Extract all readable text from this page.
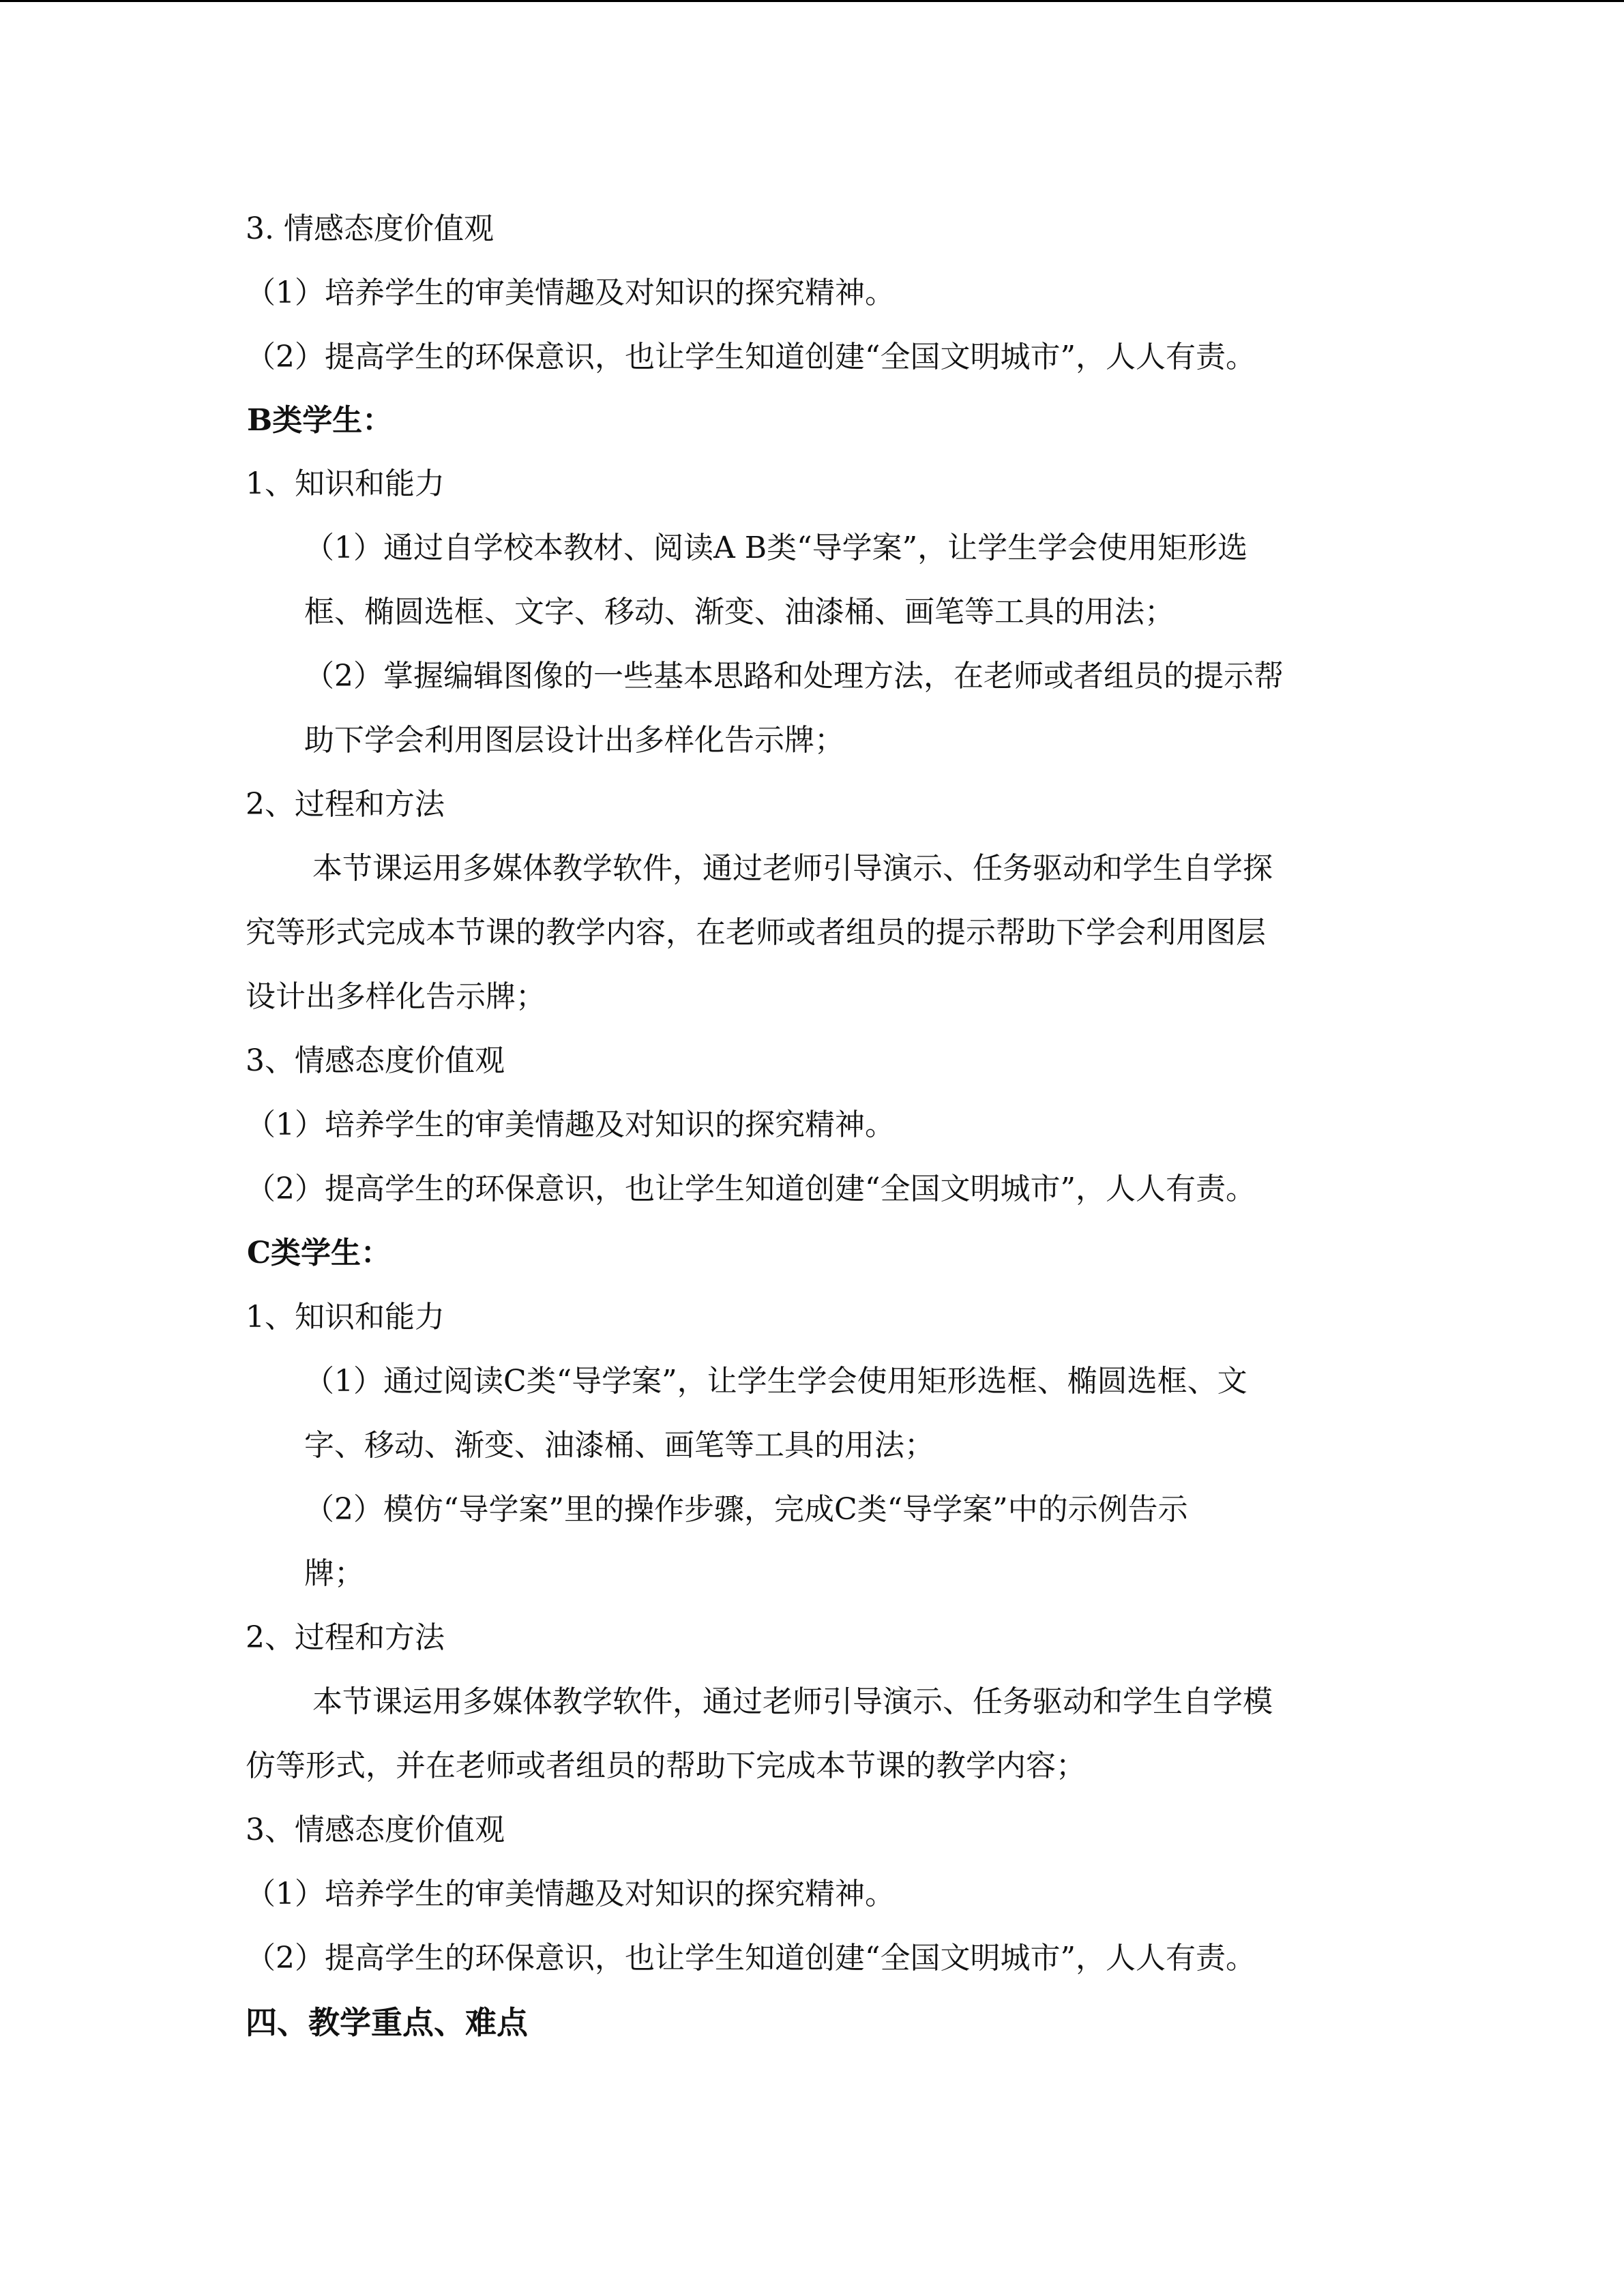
3. 情感态度价值观
（1）培养学生的审美情趣及对知识的探究精神。
（2）提高学生的环保意识，也让学生知道创建“全国文明城市”，人人有责。
B类学生：
1、知识和能力
（1）通过自学校本教材、阅读A B类“导学案”，让学生学会使用矩形选
框、椭圆选框、文字、移动、渐变、油漆桶、画笔等工具的用法；
（2）掌握编辑图像的一些基本思路和处理方法，在老师或者组员的提示帮
助下学会利用图层设计出多样化告示牌；
2、过程和方法
本节课运用多媒体教学软件，通过老师引导演示、任务驱动和学生自学探
究等形式完成本节课的教学内容，在老师或者组员的提示帮助下学会利用图层
设计出多样化告示牌；
3、情感态度价值观
（1）培养学生的审美情趣及对知识的探究精神。
（2）提高学生的环保意识，也让学生知道创建“全国文明城市”，人人有责。
C类学生：
1、知识和能力
（1）通过阅读C类“导学案”，让学生学会使用矩形选框、椭圆选框、文
字、移动、渐变、油漆桶、画笔等工具的用法；
（2）模仿“导学案”里的操作步骤，完成C类“导学案”中的示例告示
牌；
2、过程和方法
本节课运用多媒体教学软件，通过老师引导演示、任务驱动和学生自学模
仿等形式，并在老师或者组员的帮助下完成本节课的教学内容；
3、情感态度价值观
（1）培养学生的审美情趣及对知识的探究精神。
（2）提高学生的环保意识，也让学生知道创建“全国文明城市”，人人有责。
四、教学重点、难点
